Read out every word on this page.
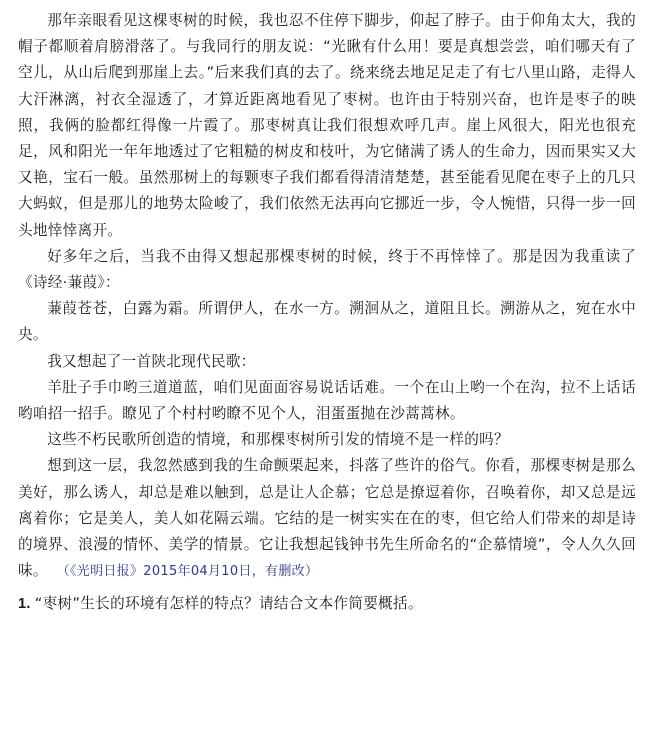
那年亲眼看见这棵枣树的时候，我也忍不住停下脚步，仰起了脖子。由于仰角太大，我的帽子都顺着肩膀滑落了。与我同行的朋友说：“光瞅有什么用！要是真想尝尝，咱们哪天有了空儿，从山后爬到那崖上去。”后来我们真的去了。绕来绕去地足足走了有七八里山路，走得人大汗淋漓，衬衣全湿透了，才算近距离地看见了枣树。也许由于特别兴奋，也许是枣子的映照，我俩的脸都红得像一片霞了。那枣树真让我们很想欢呼几声。崖上风很大，阳光也很充足，风和阳光一年年地透过了它粗糙的树皮和枝叶，为它储满了诱人的生命力，因而果实又大又艳，宝石一般。虽然那树上的每颗枣子我们都看得清清楚楚，甚至能看见爬在枣子上的几只大蚂蚁，但是那儿的地势太险峻了，我们依然无法再向它挪近一步，令人惋惜，只得一步一回头地悻悻离开。

好多年之后，当我不由得又想起那棵枣树的时候，终于不再悻悻了。那是因为我重读了《诗经·蒹葭》：

蒹葭苍苍，白露为霜。所谓伊人，在水一方。溯洄从之，道阻且长。溯游从之，宛在水中央。

我又想起了一首陕北现代民歌：

羊肚子手巾哟三道道蓝，咱们见面面容易说话话难。一个在山上哟一个在沟，拉不上话话哟咱招一招手。瞭见了个村村哟瞭不见个人，泪蛋蛋抛在沙蒿蒿林。

这些不朽民歌所创造的情境，和那棵枣树所引发的情境不是一样的吗？

想到这一层，我忽然感到我的生命颤栗起来，抖落了些许的俗气。你看，那棵枣树是那么美好，那么诱人，却总是难以触到，总是让人企慕；它总是撩逗着你，召唤着你，却又总是远离着你；它是美人，美人如花隔云端。它结的是一树实实在在的枣，但它给人们带来的却是诗的境界、浪漫的情怀、美学的情景。它让我想起钱钟书先生所命名的“企慕情境”，令人久久回味。 （《光明日报》2015年04月10日，有删改）

1. “枣树”生长的环境有怎样的特点？请结合文本作简要概括。
